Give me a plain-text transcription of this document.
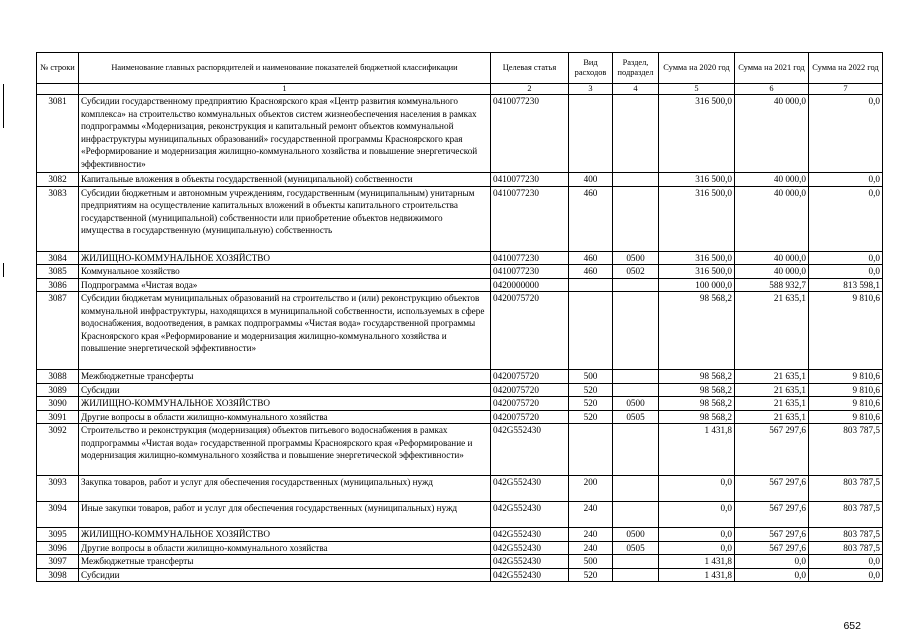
№ строки	Наименование главных распорядителей и наименование показателей бюджетной классификации	Целевая статья	Вид расходов	Раздел, подраздел	Сумма на 2020 год	Сумма на 2021 год	Сумма на 2022 год
	1	2	3	4	5	6	7
3081	Субсидии государственному предприятию Красноярского края «Центр развития коммунального комплекса» на строительство коммунальных объектов систем жизнеобеспечения населения в рамках подпрограммы «Модернизация, реконструкция и капитальный ремонт объектов коммунальной инфраструктуры муниципальных образований» государственной программы Красноярского края «Реформирование и модернизация жилищно-коммунального хозяйства и повышение энергетической эффективности»	0410077230			316 500,0	40 000,0	0,0
3082	Капитальные вложения в объекты государственной (муниципальной) собственности	0410077230	400		316 500,0	40 000,0	0,0
3083	Субсидии бюджетным и автономным учреждениям, государственным (муниципальным) унитарным предприятиям на осуществление капитальных вложений в объекты капитального строительства государственной (муниципальной) собственности или приобретение объектов недвижимого имущества в государственную (муниципальную) собственность	0410077230	460		316 500,0	40 000,0	0,0
3084	ЖИЛИЩНО-КОММУНАЛЬНОЕ ХОЗЯЙСТВО	0410077230	460	0500	316 500,0	40 000,0	0,0
3085	Коммунальное хозяйство	0410077230	460	0502	316 500,0	40 000,0	0,0
3086	Подпрограмма «Чистая вода»	0420000000			100 000,0	588 932,7	813 598,1
3087	Субсидии бюджетам муниципальных образований на строительство и (или) реконструкцию объектов коммунальной инфраструктуры, находящихся в муниципальной собственности, используемых в сфере водоснабжения, водоотведения, в рамках подпрограммы «Чистая вода» государственной программы Красноярского края «Реформирование и модернизация жилищно-коммунального хозяйства и повышение энергетической эффективности»	0420075720			98 568,2	21 635,1	9 810,6
3088	Межбюджетные трансферты	0420075720	500		98 568,2	21 635,1	9 810,6
3089	Субсидии	0420075720	520		98 568,2	21 635,1	9 810,6
3090	ЖИЛИЩНО-КОММУНАЛЬНОЕ ХОЗЯЙСТВО	0420075720	520	0500	98 568,2	21 635,1	9 810,6
3091	Другие вопросы в области жилищно-коммунального хозяйства	0420075720	520	0505	98 568,2	21 635,1	9 810,6
3092	Строительство и реконструкция (модернизация) объектов питьевого водоснабжения в рамках подпрограммы «Чистая вода» государственной программы Красноярского края «Реформирование и модернизация жилищно-коммунального хозяйства и повышение энергетической эффективности»	042G552430			1 431,8	567 297,6	803 787,5
3093	Закупка товаров, работ и услуг для обеспечения государственных (муниципальных) нужд	042G552430	200		0,0	567 297,6	803 787,5
3094	Иные закупки товаров, работ и услуг для обеспечения государственных (муниципальных) нужд	042G552430	240		0,0	567 297,6	803 787,5
3095	ЖИЛИЩНО-КОММУНАЛЬНОЕ ХОЗЯЙСТВО	042G552430	240	0500	0,0	567 297,6	803 787,5
3096	Другие вопросы в области жилищно-коммунального хозяйства	042G552430	240	0505	0,0	567 297,6	803 787,5
3097	Межбюджетные трансферты	042G552430	500		1 431,8	0,0	0,0
3098	Субсидии	042G552430	520		1 431,8	0,0	0,0
652
